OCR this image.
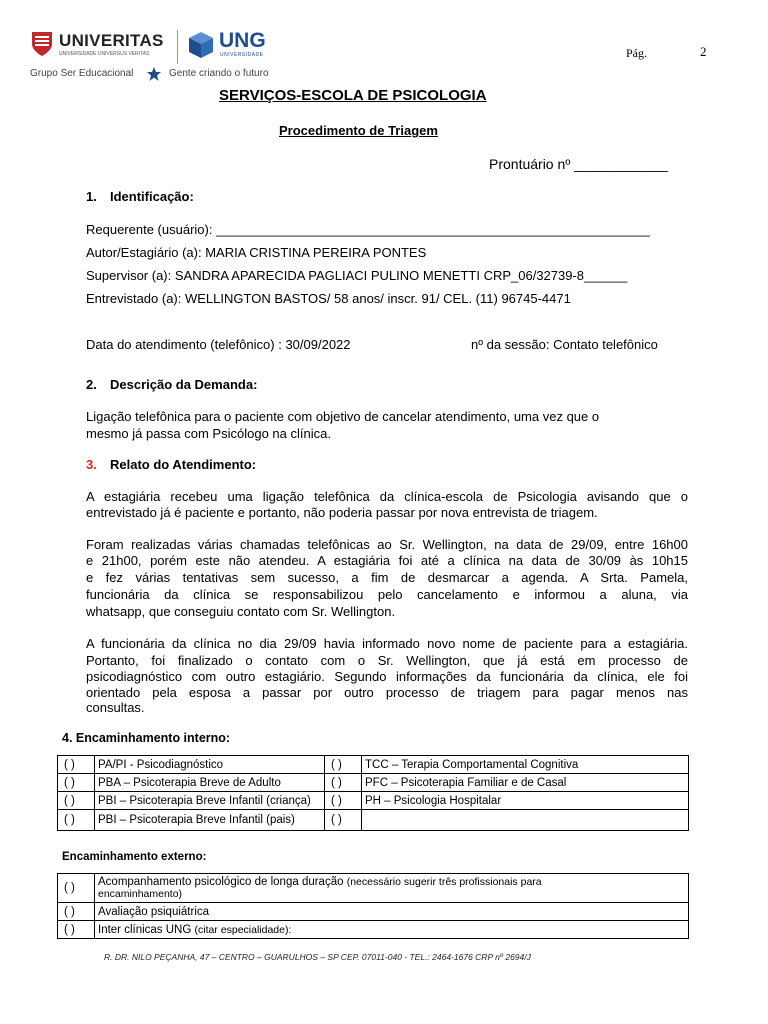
UNIVERITAS
UNIVERSIDADE UNIVERSUS VERITAS
UNG
UNIVERSIDADE
Grupo Ser Educacional	Gente criando o futuro
Pág.	2
SERVIÇOS-ESCOLA DE PSICOLOGIA
Procedimento de Triagem
Prontuário nº ____________
1. Identificação:
Requerente (usuário): ____________________________________________________________
Autor/Estagiário (a): MARIA CRISTINA PEREIRA PONTES
Supervisor (a): SANDRA APARECIDA PAGLIACI PULINO MENETTI CRP_06/32739-8______
Entrevistado (a): WELLINGTON BASTOS/ 58 anos/ inscr. 91/ CEL. (11) 96745-4471
Data do atendimento (telefônico) : 30/09/2022	nº da sessão: Contato telefônico
2. Descrição da Demanda:
Ligação telefônica para o paciente com objetivo de cancelar atendimento, uma vez que o
mesmo já passa com Psicólogo na clínica.
3. Relato do Atendimento:
A estagiária recebeu uma ligação telefônica da clínica-escola de Psicologia avisando que o
entrevistado já é paciente e portanto, não poderia passar por nova entrevista de triagem.
Foram realizadas várias chamadas telefônicas ao Sr. Wellington, na data de 29/09, entre 16h00
e 21h00, porém este não atendeu. A estagiária foi até a clínica na data de 30/09 às 10h15
e fez várias tentativas sem sucesso, a fim de desmarcar a agenda. A Srta. Pamela,
funcionária da clínica se responsabilizou pelo cancelamento e informou a aluna, via
whatsapp, que conseguiu contato com Sr. Wellington.
A funcionária da clínica no dia 29/09 havia informado novo nome de paciente para a estagiária.
Portanto, foi finalizado o contato com o Sr. Wellington, que já está em processo de
psicodiagnóstico com outro estagiário. Segundo informações da funcionária da clínica, ele foi
orientado pela esposa a passar por outro processo de triagem para pagar menos nas
consultas.
4. Encaminhamento interno:
( )	PA/PI - Psicodiagnóstico	( )	TCC – Terapia Comportamental Cognitiva
( )	PBA – Psicoterapia Breve de Adulto	( )	PFC – Psicoterapia Familiar e de Casal
( )	PBI – Psicoterapia Breve Infantil (criança)	( )	PH – Psicologia Hospitalar
( )	PBI – Psicoterapia Breve Infantil (pais)	( )	
Encaminhamento externo:
( )	Acompanhamento psicológico de longa duração (necessário sugerir três profissionais para
encaminhamento)
( )	Avaliação psiquiátrica
( )	Inter clínicas UNG (citar especialidade):
R. DR. NILO PEÇANHA, 47 – CENTRO – GUARULHOS – SP CEP. 07011-040 - TEL.: 2464-1676 CRP nº 2694/J
